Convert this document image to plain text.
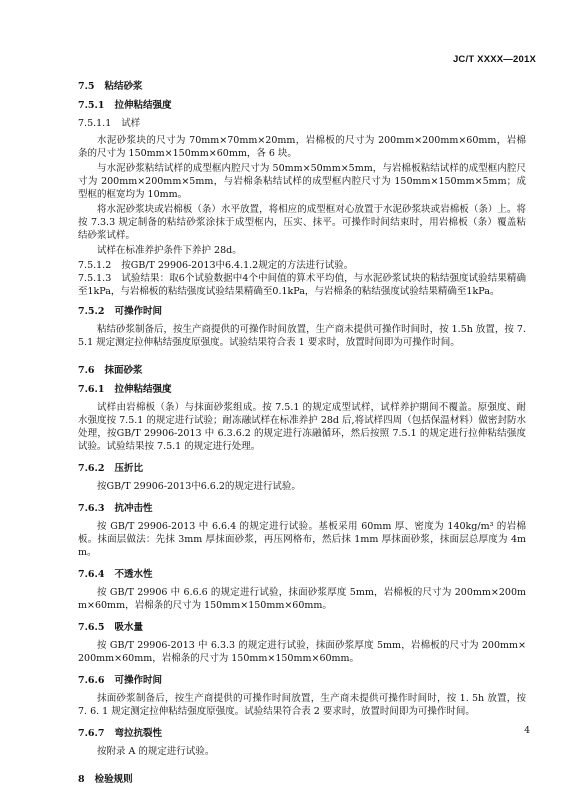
JC/T XXXX—201X

7.5 粘结砂浆

7.5.1 拉伸粘结强度

7.5.1.1 试样

水泥砂浆块的尺寸为 70mm×70mm×20mm，岩棉板的尺寸为 200mm×200mm×60mm，岩棉条的尺寸为 150mm×150mm×60mm，各 6 块。

与水泥砂浆粘结试样的成型框内腔尺寸为 50mm×50mm×5mm，与岩棉板粘结试样的成型框内腔尺寸为 200mm×200mm×5mm，与岩棉条粘结试样的成型框内腔尺寸为 150mm×150mm×5mm；成型框的框宽均为 10mm。

将水泥砂浆块或岩棉板（条）水平放置，将相应的成型框对心放置于水泥砂浆块或岩棉板（条）上。将按 7.3.3 规定制备的粘结砂浆涂抹于成型框内，压实、抹平。可操作时间结束时，用岩棉板（条）覆盖粘结砂浆试样。

试样在标准养护条件下养护 28d。

7.5.1.2 按GB/T 29906-2013中6.4.1.2规定的方法进行试验。

7.5.1.3 试验结果：取6个试验数据中4个中间值的算术平均值，与水泥砂浆试块的粘结强度试验结果精确至1kPa，与岩棉板的粘结强度试验结果精确至0.1kPa，与岩棉条的粘结强度试验结果精确至1kPa。

7.5.2 可操作时间

粘结砂浆制备后，按生产商提供的可操作时间放置，生产商未提供可操作时间时，按 1.5h 放置，按 7.5.1 规定测定拉伸粘结强度原强度。试验结果符合表 1 要求时，放置时间即为可操作时间。

7.6 抹面砂浆

7.6.1 拉伸粘结强度

试样由岩棉板（条）与抹面砂浆组成。按 7.5.1 的规定成型试样，试样养护期间不覆盖。原强度、耐水强度按 7.5.1 的规定进行试验；耐冻融试样在标准养护 28d 后,将试样四周（包括保温材料）做密封防水处理，按GB/T 29906-2013 中 6.3.6.2 的规定进行冻融循环，然后按照 7.5.1 的规定进行拉伸粘结强度试验。试验结果按 7.5.1 的规定进行处理。

7.6.2 压折比

按GB/T 29906-2013中6.6.2的规定进行试验。

7.6.3 抗冲击性

按 GB/T 29906-2013 中 6.6.4 的规定进行试验。基板采用 60mm 厚、密度为 140kg/m³ 的岩棉板。抹面层做法：先抹 3mm 厚抹面砂浆，再压网格布，然后抹 1mm 厚抹面砂浆，抹面层总厚度为 4mm。

7.6.4 不透水性

按 GB/T 29906 中 6.6.6 的规定进行试验，抹面砂浆厚度 5mm，岩棉板的尺寸为 200mm×200mm×60mm，岩棉条的尺寸为 150mm×150mm×60mm。

7.6.5 吸水量

按 GB/T 29906-2013 中 6.3.3 的规定进行试验，抹面砂浆厚度 5mm，岩棉板的尺寸为 200mm×200mm×60mm，岩棉条的尺寸为 150mm×150mm×60mm。

7.6.6 可操作时间

抹面砂浆制备后，按生产商提供的可操作时间放置，生产商未提供可操作时间时，按 1. 5h 放置，按 7. 6. 1 规定测定拉伸粘结强度原强度。试验结果符合表 2 要求时，放置时间即为可操作时间。

7.6.7 弯拉抗裂性

按附录 A 的规定进行试验。

8 检验规则

4
